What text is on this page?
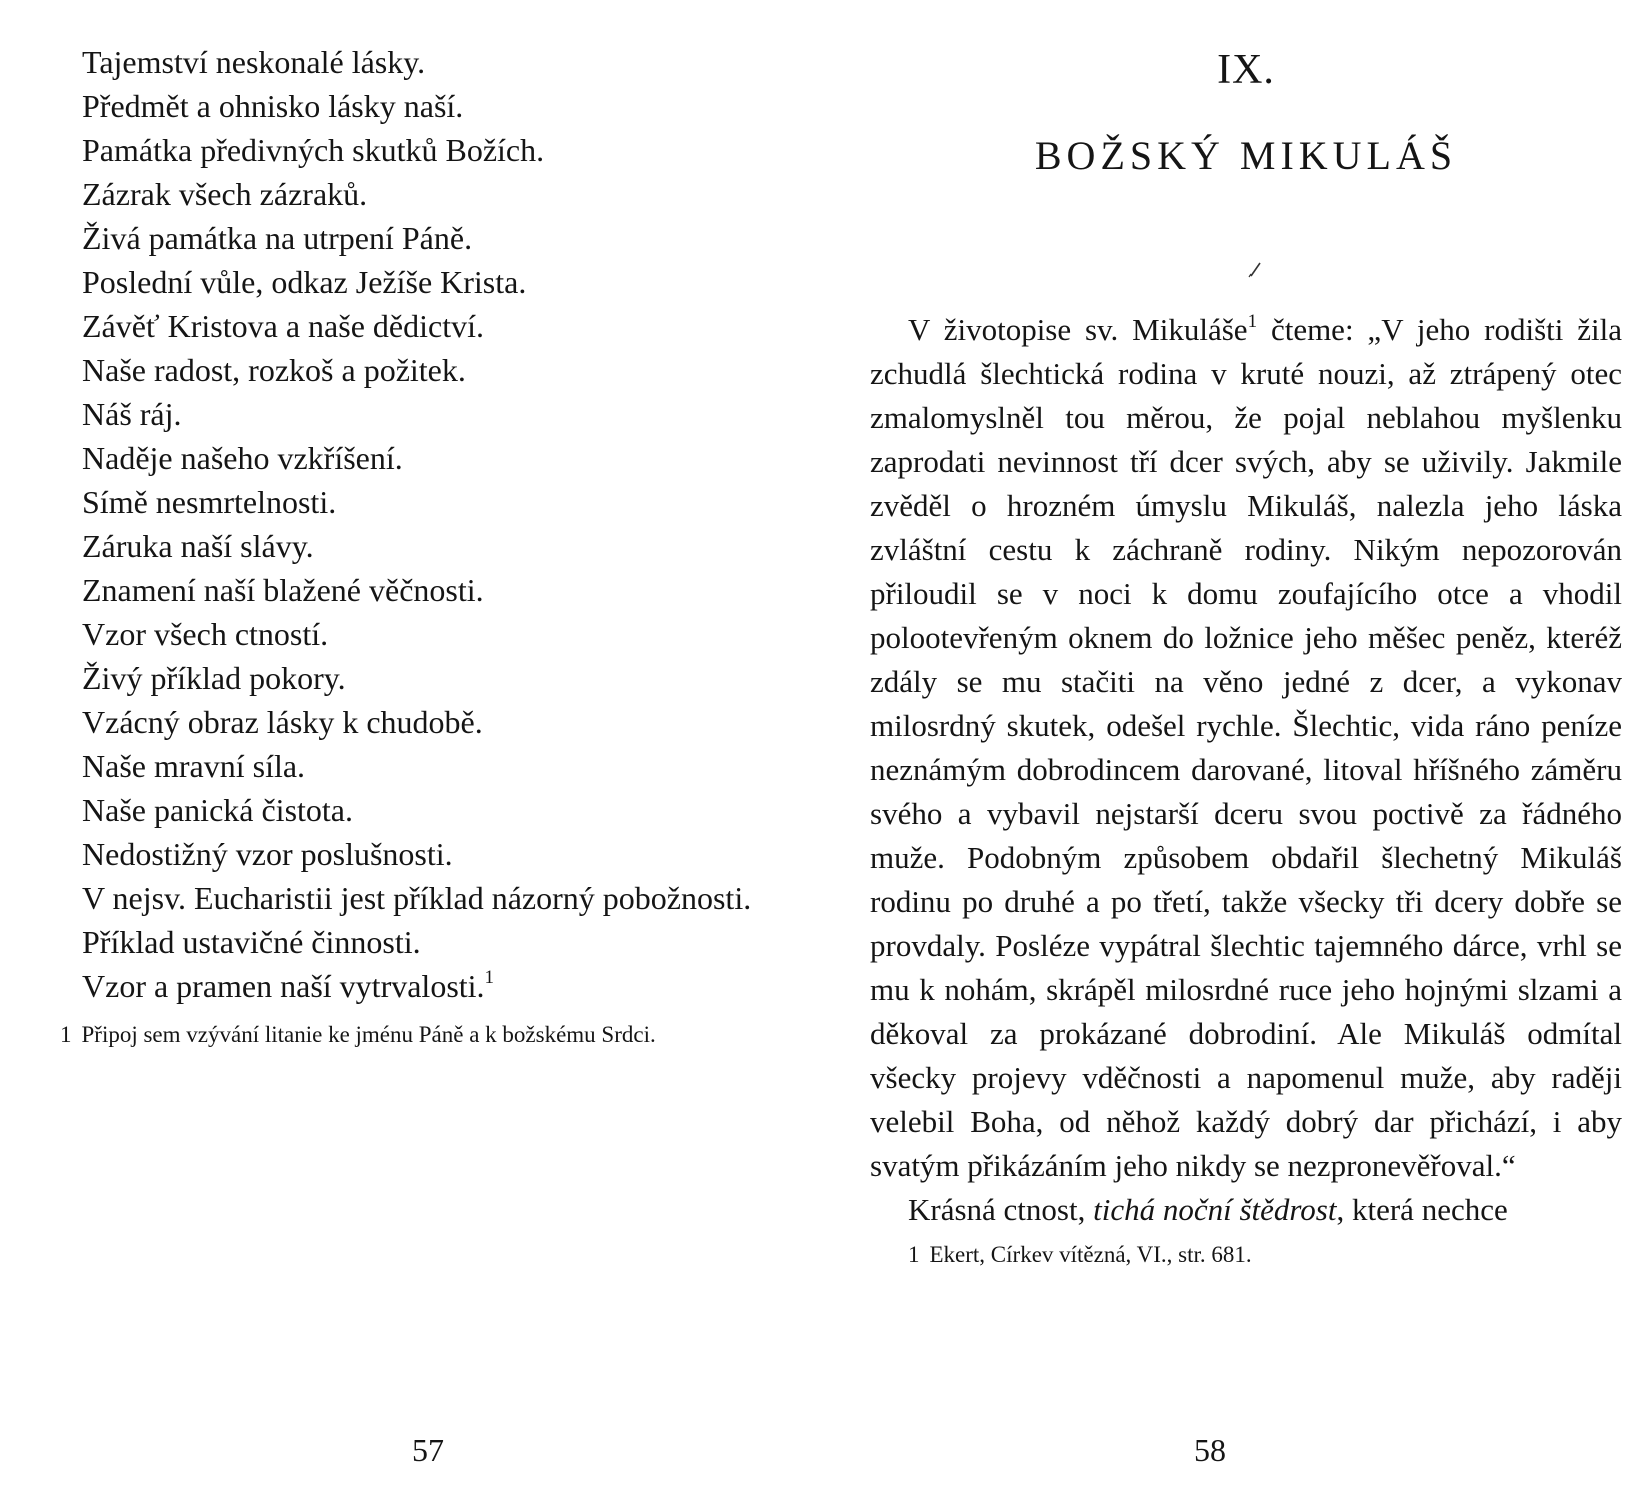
Tajemství neskonalé lásky.
Předmět a ohnisko lásky naší.
Památka předivných skutků Božích.
Zázrak všech zázraků.
Živá památka na utrpení Páně.
Poslední vůle, odkaz Ježíše Krista.
Závěť Kristova a naše dědictví.
Naše radost, rozkoš a požitek.
Náš ráj.
Naděje našeho vzkříšení.
Símě nesmrtelnosti.
Záruka naší slávy.
Znamení naší blažené věčnosti.
Vzor všech ctností.
Živý příklad pokory.
Vzácný obraz lásky k chudobě.
Naše mravní síla.
Naše panická čistota.
Nedostižný vzor poslušnosti.
V nejsv. Eucharistii jest příklad názorný pobožnosti.
Příklad ustavičné činnosti.
Vzor a pramen naší vytrvalosti.$^1$
1 Připoj sem vzývání litanie ke jménu Páně a k božskému Srdci.
57
IX.
BOŽSKÝ MIKULÁŠ

V životopise sv. Mikuláše$^1$ čteme: „V jeho rodišti žila zchudlá šlechtická rodina v kruté nouzi, až ztrápený otec zmalomyslněl tou měrou, že pojal neblahou myšlenku zaprodati nevinnost tří dcer svých, aby se uživily. Jakmile zvěděl o hrozném úmyslu Mikuláš, nalezla jeho láska zvláštní cestu k záchraně rodiny. Nikým nepozorován přiloudil se v noci k domu zoufajícího otce a vhodil polootevřeným oknem do ložnice jeho měšec peněz, kteréž zdály se mu stačiti na věno jedné z dcer, a vykonav milosrdný skutek, odešel rychle. Šlechtic, vida ráno peníze neznámým dobrodincem darované, litoval hříšného záměru svého a vybavil nejstarší dceru svou poctivě za řádného muže. Podobným způsobem obdařil šlechetný Mikuláš rodinu po druhé a po třetí, takže všecky tři dcery dobře se provdaly. Posléze vypátral šlechtic tajemného dárce, vrhl se mu k nohám, skrápěl milosrdné ruce jeho hojnými slzami a děkoval za prokázané dobrodiní. Ale Mikuláš odmítal všecky projevy vděčnosti a napomenul muže, aby raději velebil Boha, od něhož každý dobrý dar přichází, i aby svatým přikázáním jeho nikdy se nezpronevěřoval.“

Krásná ctnost, tichá noční štědrost, která nechce

1 Ekert, Církev vítězná, VI., str. 681.
58
